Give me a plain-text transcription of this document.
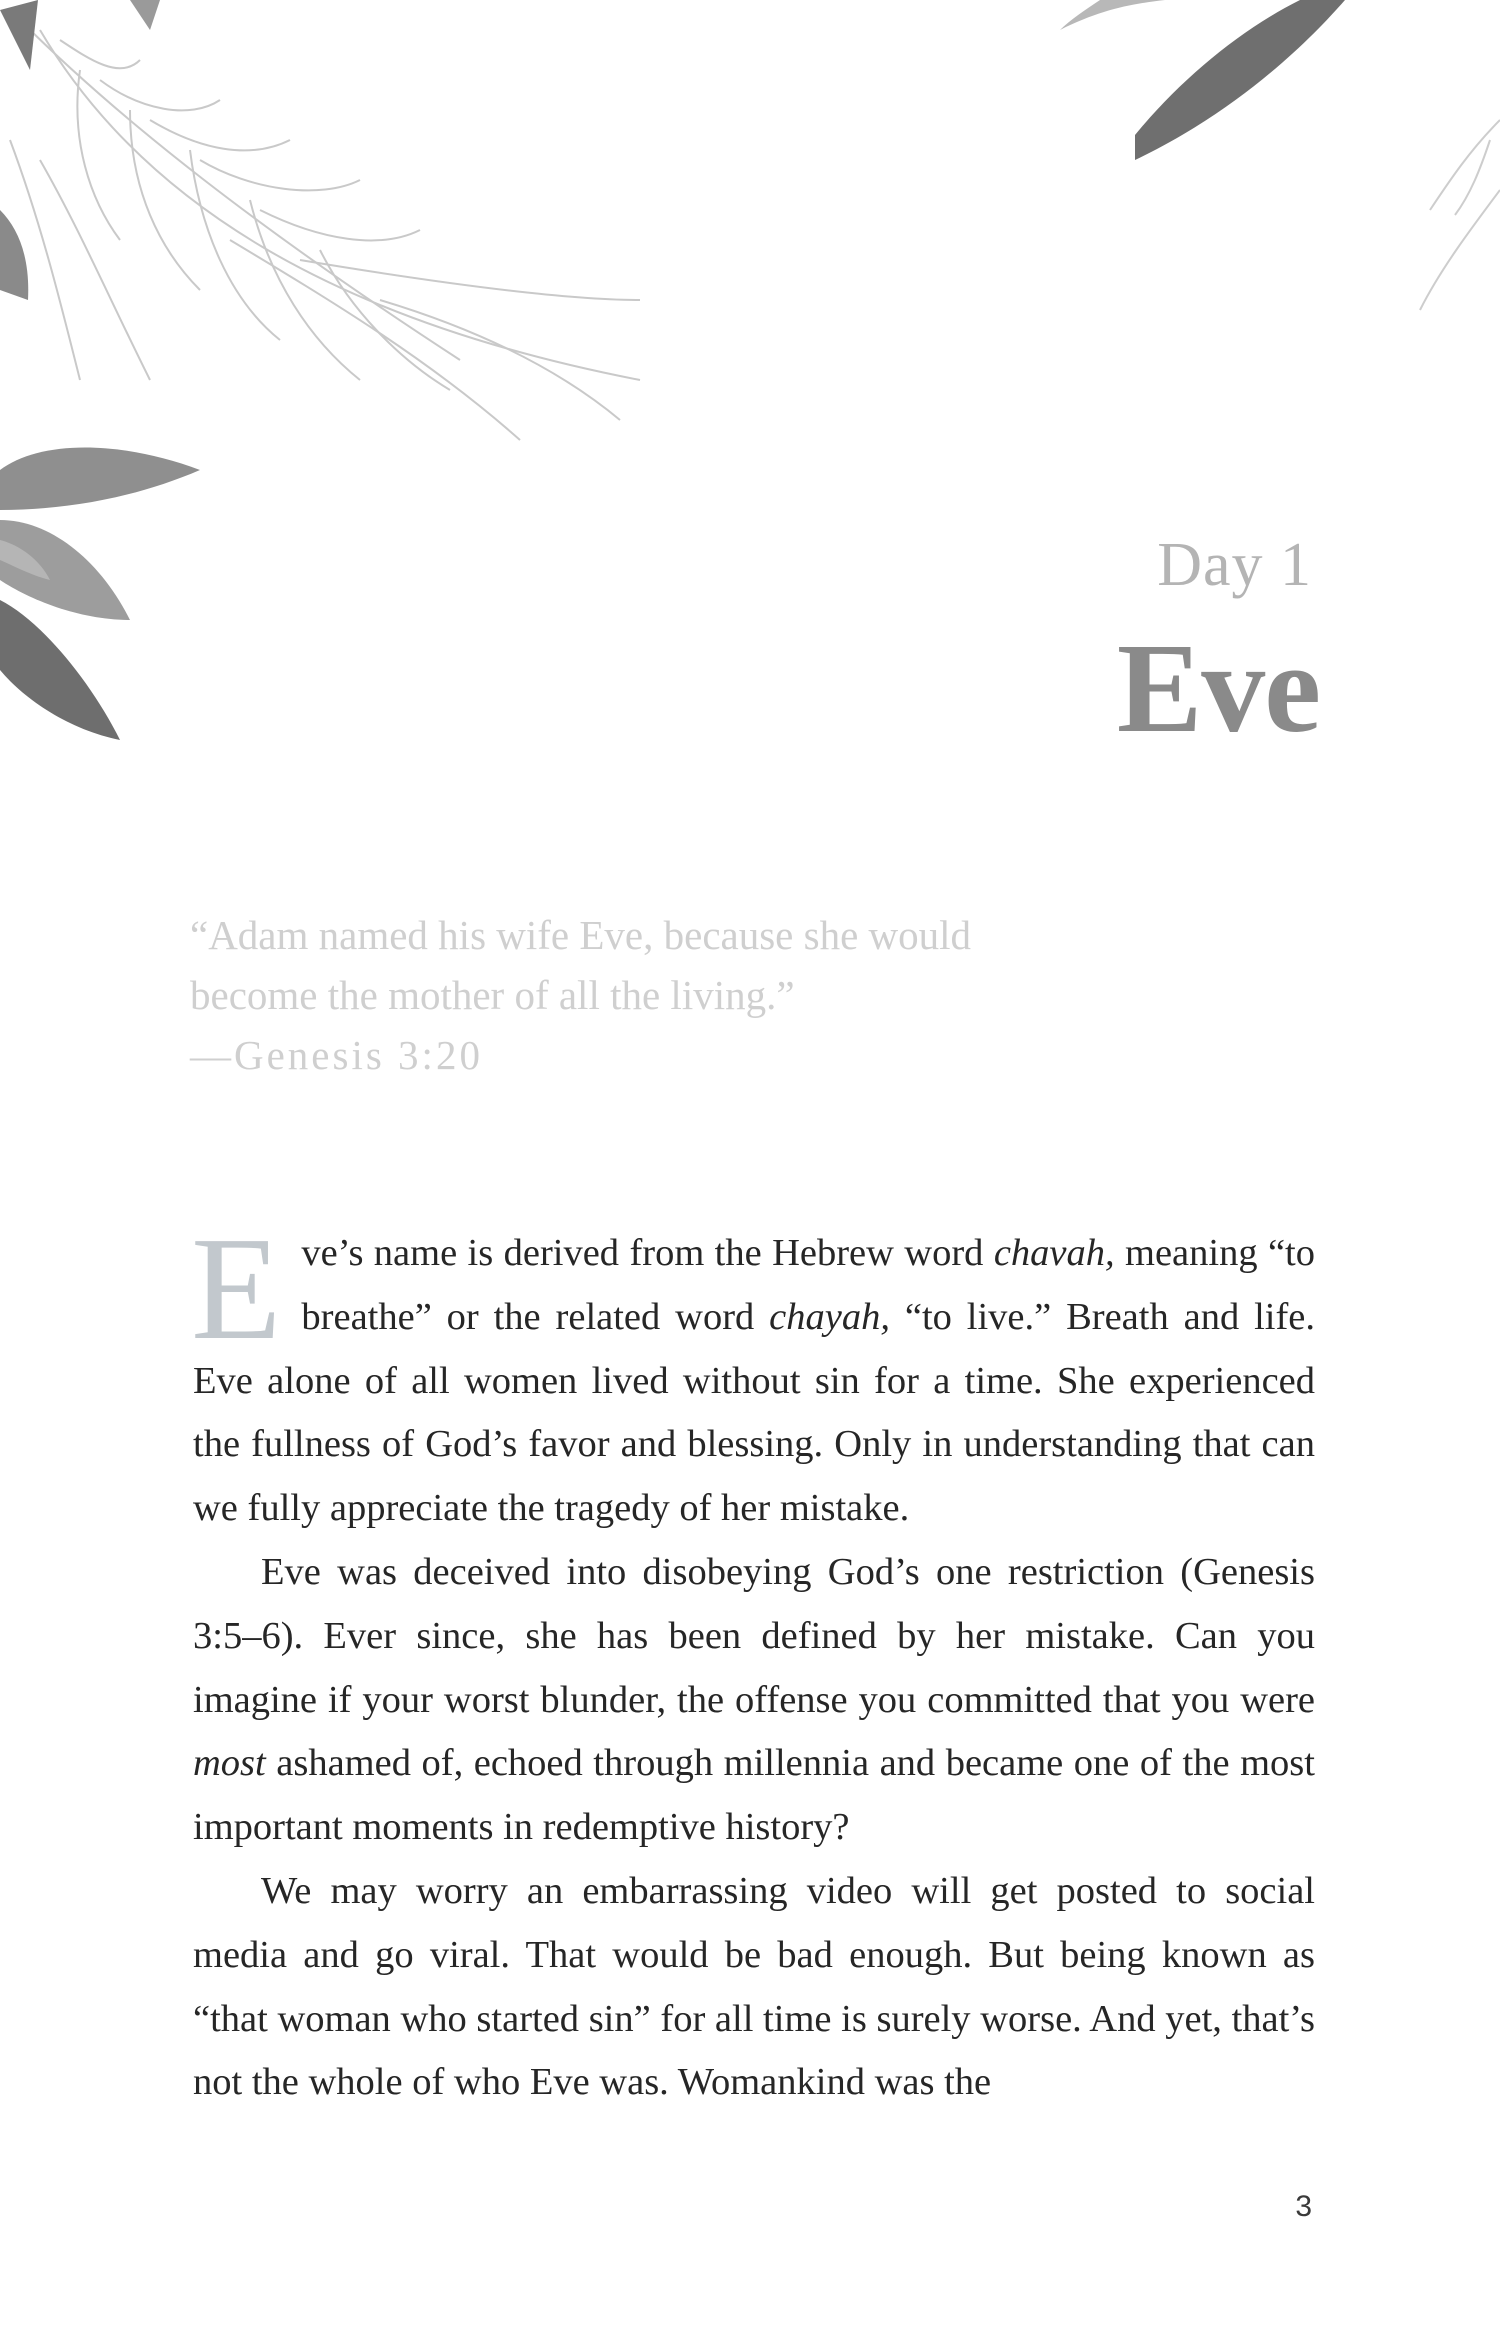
Day 1
Eve
“Adam named his wife Eve, because she would
become the mother of all the living.”
—Genesis 3:20

Eve’s name is derived from the Hebrew word chavah, meaning “to breathe” or the related word chayah, “to live.” Breath and life. Eve alone of all women lived without sin for a time. She experienced the fullness of God’s favor and blessing. Only in understanding that can we fully appreciate the tragedy of her mistake.

Eve was deceived into disobeying God’s one restriction (Genesis 3:5–6). Ever since, she has been defined by her mistake. Can you imagine if your worst blunder, the offense you committed that you were most ashamed of, echoed through millennia and became one of the most important moments in redemptive history?

We may worry an embarrassing video will get posted to social media and go viral. That would be bad enough. But being known as “that woman who started sin” for all time is surely worse. And yet, that’s not the whole of who Eve was. Womankind was the

3
